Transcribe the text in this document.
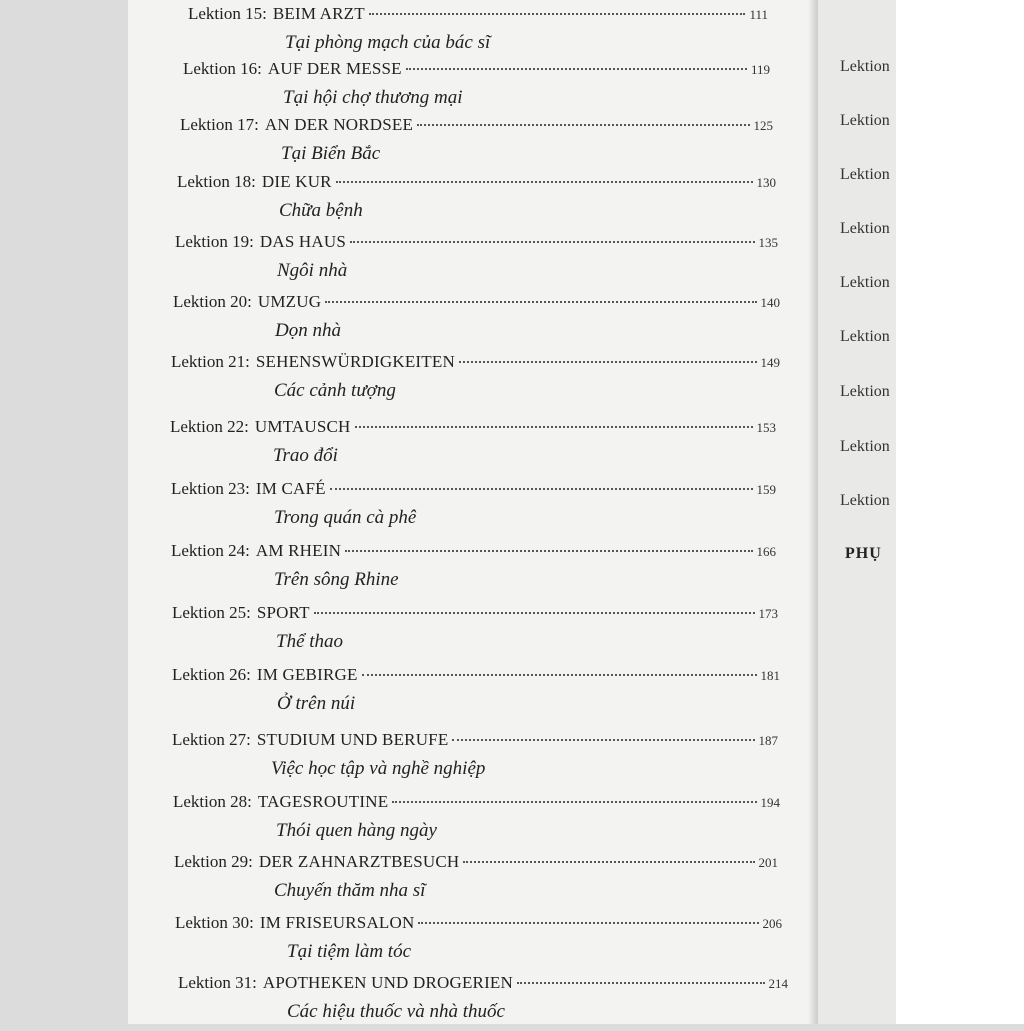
Lektion 15: BEIM ARZT	111
Tại phòng mạch của bác sĩ
Lektion 16: AUF DER MESSE	119
Tại hội chợ thương mại
Lektion 17: AN DER NORDSEE	125
Tại Biển Bắc
Lektion 18: DIE KUR	130
Chữa bệnh
Lektion 19: DAS HAUS	135
Ngôi nhà
Lektion 20: UMZUG	140
Dọn nhà
Lektion 21: SEHENSWÜRDIGKEITEN	149
Các cảnh tượng
Lektion 22: UMTAUSCH	153
Trao đổi
Lektion 23: IM CAFÉ	159
Trong quán cà phê
Lektion 24: AM RHEIN	166
Trên sông Rhine
Lektion 25: SPORT	173
Thể thao
Lektion 26: IM GEBIRGE	181
Ở trên núi
Lektion 27: STUDIUM UND BERUFE	187
Việc học tập và nghề nghiệp
Lektion 28: TAGESROUTINE	194
Thói quen hàng ngày
Lektion 29: DER ZAHNARZTBESUCH	201
Chuyến thăm nha sĩ
Lektion 30: IM FRISEURSALON	206
Tại tiệm làm tóc
Lektion 31: APOTHEKEN UND DROGERIEN	214
Các hiệu thuốc và nhà thuốc
Lektion
Lektion
Lektion
Lektion
Lektion
Lektion
Lektion
Lektion
Lektion
PHỤ
